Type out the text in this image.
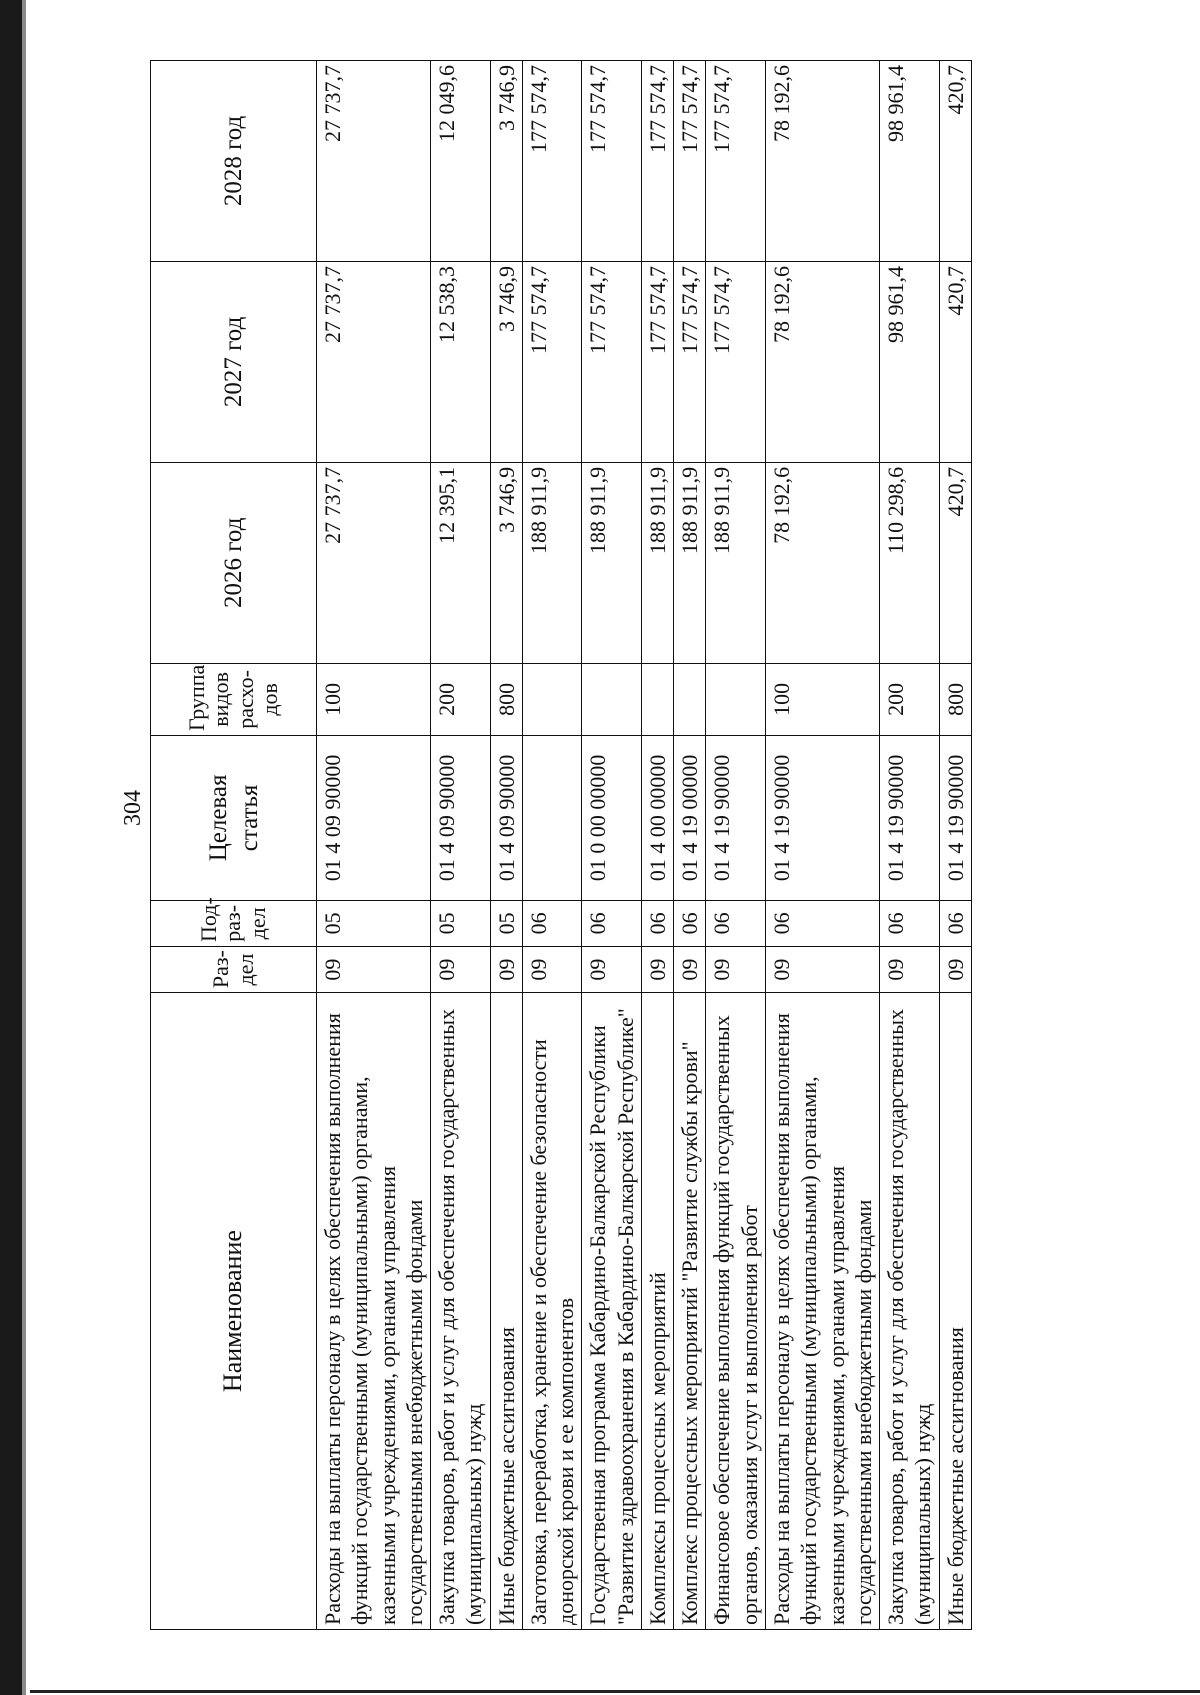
304
Наименование	Раз-дел	Под-раз-дел	Целевая статья	Группа видов расхо-дов	2026 год	2027 год	2028 год
Расходы на выплаты персоналу в целях обеспечения выполнения функций государственными (муниципальными) органами, казенными учреждениями, органами управления государственными внебюджетными фондами	09	05	01 4 09 90000	100	27 737,7	27 737,7	27 737,7
Закупка товаров, работ и услуг для обеспечения государственных (муниципальных) нужд	09	05	01 4 09 90000	200	12 395,1	12 538,3	12 049,6
Иные бюджетные ассигнования	09	05	01 4 09 90000	800	3 746,9	3 746,9	3 746,9
Заготовка, переработка, хранение и обеспечение безопасности донорской крови и ее компонентов	09	06			188 911,9	177 574,7	177 574,7
Государственная программа Кабардино-Балкарской Республики "Развитие здравоохранения в Кабардино-Балкарской Республике"	09	06	01 0 00 00000		188 911,9	177 574,7	177 574,7
Комплексы процессных мероприятий	09	06	01 4 00 00000		188 911,9	177 574,7	177 574,7
Комплекс процессных мероприятий "Развитие службы крови"	09	06	01 4 19 00000		188 911,9	177 574,7	177 574,7
Финансовое обеспечение выполнения функций государственных органов, оказания услуг и выполнения работ	09	06	01 4 19 90000		188 911,9	177 574,7	177 574,7
Расходы на выплаты персоналу в целях обеспечения выполнения функций государственными (муниципальными) органами, казенными учреждениями, органами управления государственными внебюджетными фондами	09	06	01 4 19 90000	100	78 192,6	78 192,6	78 192,6
Закупка товаров, работ и услуг для обеспечения государственных (муниципальных) нужд	09	06	01 4 19 90000	200	110 298,6	98 961,4	98 961,4
Иные бюджетные ассигнования	09	06	01 4 19 90000	800	420,7	420,7	420,7
